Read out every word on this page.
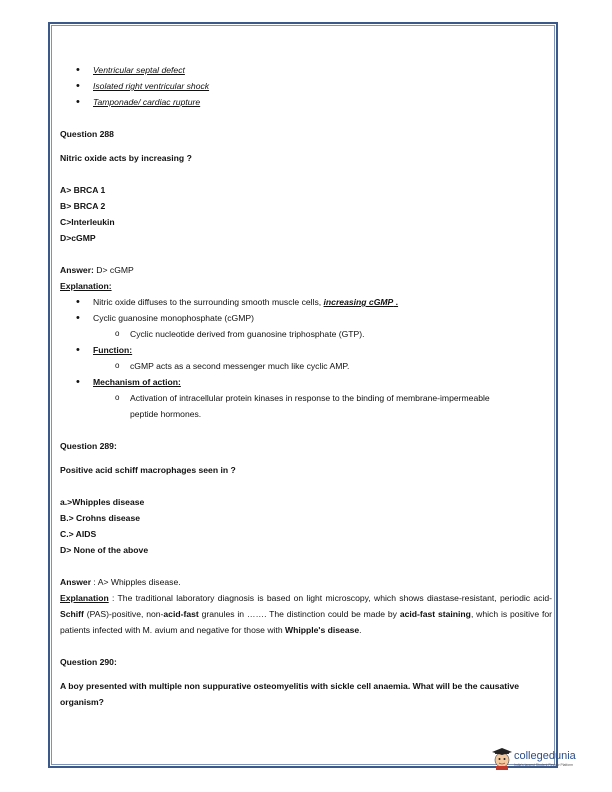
• Ventricular septal defect
• Isolated right ventricular shock
• Tamponade/ cardiac rupture
Question 288
Nitric oxide acts by increasing ?
A> BRCA 1
B> BRCA 2
C>Interleukin
D>cGMP
Answer: D> cGMP
Explanation:
• Nitric oxide diffuses to the surrounding smooth muscle cells, increasing cGMP .
• Cyclic guanosine monophosphate (cGMP)
o Cyclic nucleotide derived from guanosine triphosphate (GTP).
• Function:
o cGMP acts as a second messenger much like cyclic AMP.
• Mechanism of action:
o Activation of intracellular protein kinases in response to the binding of membrane-impermeable peptide hormones.
Question 289:
Positive acid schiff macrophages seen in ?
a.>Whipples disease
B.> Crohns disease
C.> AIDS
D> None of the above
Answer : A> Whipples disease.
Explanation : The traditional laboratory diagnosis is based on light microscopy, which shows diastase-resistant, periodic acid-Schiff (PAS)-positive, non-acid-fast granules in ……. The distinction could be made by acid-fast staining, which is positive for patients infected with M. avium and negative for those with Whipple's disease.
Question 290:
A boy presented with multiple non suppurative osteomyelitis with sickle cell anaemia. What will be the causative organism?
collegedunia
India's largest Student Review Platform
